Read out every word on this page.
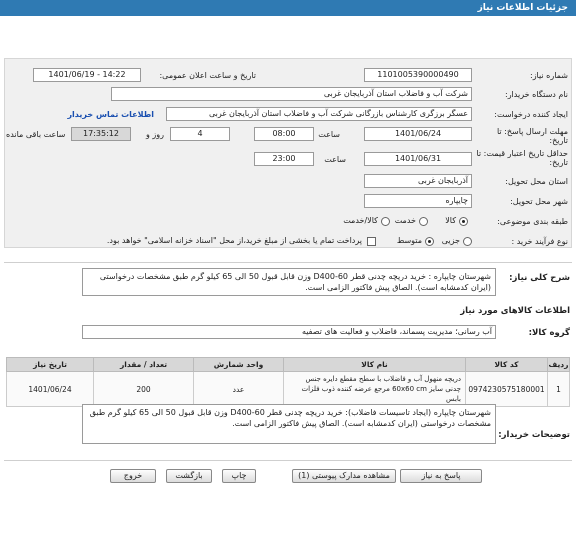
جزئیات اطلاعات نیاز
شماره نیاز:
1101005390000490
تاریخ و ساعت اعلان عمومی:
1401/06/19 - 14:22
نام دستگاه خریدار:
شرکت آب و فاضلاب استان آذربایجان غربی
ایجاد کننده درخواست:
عسگر برزگری کارشناس بازرگانی شرکت آب و فاضلاب استان آذربایجان غربی
اطلاعات تماس خریدار
مهلت ارسال پاسخ: تا تاریخ:
1401/06/24
ساعت
08:00
4
روز و
17:35:12
ساعت باقی مانده
حداقل تاریخ اعتبار قیمت: تا تاریخ:
1401/06/31
ساعت
23:00
استان محل تحویل:
آذربایجان غربی
شهر محل تحویل:
چایپاره
طبقه بندی موضوعی:
کالا
خدمت
کالا/خدمت
نوع فرآیند خرید :
جزیی
متوسط
پرداخت تمام یا بخشی از مبلغ خرید،از محل "اسناد خزانه اسلامی" خواهد بود.
شرح کلی نیاز:
شهرستان چایپاره : خرید دریچه چدنی قطر D400-60 وزن قابل قبول 50 الی 65 کیلو گرم طبق مشخصات درخواستی (ایران کدمشابه است). الصاق پیش فاکتور الزامی است.
اطلاعات کالاهای مورد نیاز
گروه کالا:
آب رسانی؛ مدیریت پسماند، فاضلاب و فعالیت های تصفیه
ردیف	کد کالا	نام کالا	واحد شمارش	تعداد / مقدار	تاریخ نیاز
1	0974230575180001	دریچه منهول آب و فاضلاب با سطح مقطع دایره جنس چدنی سایز 60x60 cm مرجع عرضه کننده ذوب فلزات بابس	عدد	200	1401/06/24
توضیحات خریدار:
شهرستان چایپاره (ایجاد تاسیسات فاضلاب): خرید دریچه چدنی قطر D400-60 وزن قابل قبول 50 الی 65 کیلو گرم طبق مشخصات درخواستی (ایران کدمشابه است). الصاق پیش فاکتور الزامی است.
پاسخ به نیاز
مشاهده مدارک پیوستی (1)
چاپ
بازگشت
خروج
